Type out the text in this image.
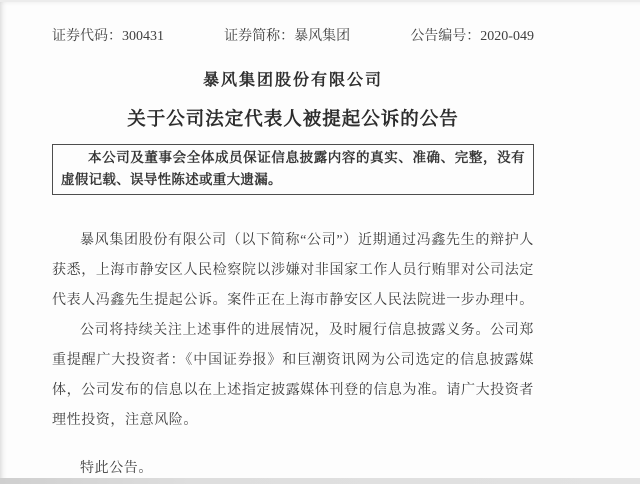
证券代码：300431	证券简称：暴风集团	公告编号：2020-049
暴风集团股份有限公司
关于公司法定代表人被提起公诉的公告

本公司及董事会全体成员保证信息披露内容的真实、准确、完整，没有虚假记载、误导性陈述或重大遗漏。

暴风集团股份有限公司（以下简称“公司”）近期通过冯鑫先生的辩护人获悉，上海市静安区人民检察院以涉嫌对非国家工作人员行贿罪对公司法定代表人冯鑫先生提起公诉。案件正在上海市静安区人民法院进一步办理中。

公司将持续关注上述事件的进展情况，及时履行信息披露义务。公司郑重提醒广大投资者：《中国证券报》和巨潮资讯网为公司选定的信息披露媒体，公司发布的信息以在上述指定披露媒体刊登的信息为准。请广大投资者理性投资，注意风险。

特此公告。
